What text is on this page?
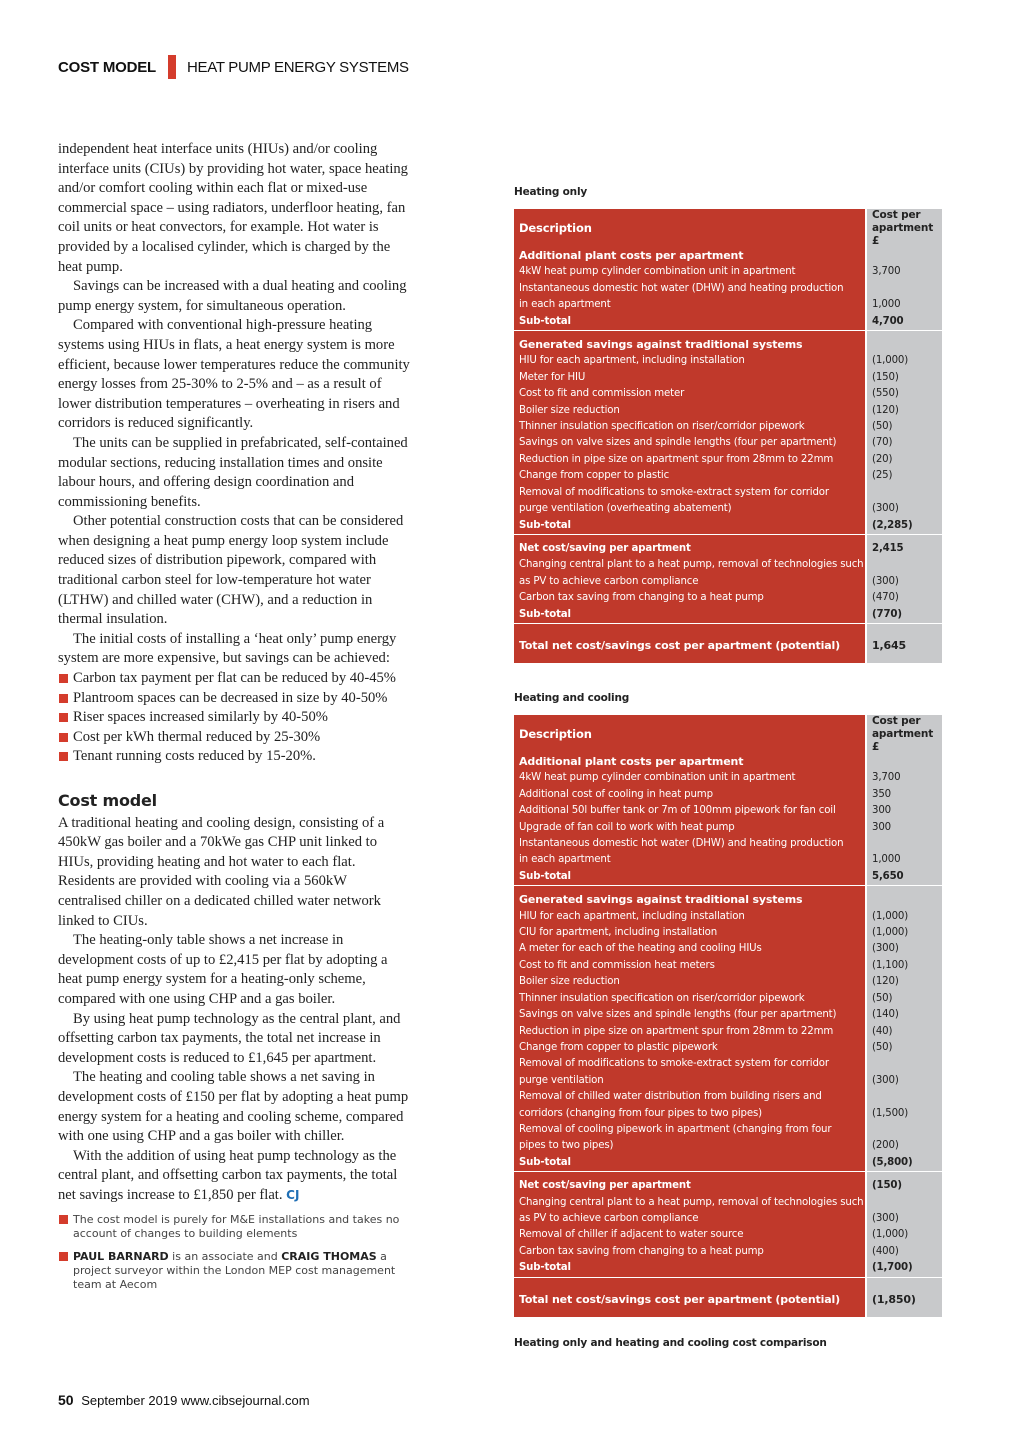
COST MODEL HEAT PUMP ENERGY SYSTEMS

independent heat interface units (HIUs) and/or cooling interface units (CIUs) by providing hot water, space heating and/or comfort cooling within each flat or mixed-use commercial space – using radiators, underfloor heating, fan coil units or heat convectors, for example. Hot water is provided by a localised cylinder, which is charged by the heat pump.

Savings can be increased with a dual heating and cooling pump energy system, for simultaneous operation.

Compared with conventional high-pressure heating systems using HIUs in flats, a heat energy system is more efficient, because lower temperatures reduce the community energy losses from 25-30% to 2-5% and – as a result of lower distribution temperatures – overheating in risers and corridors is reduced significantly.

The units can be supplied in prefabricated, self-contained modular sections, reducing installation times and onsite labour hours, and offering design coordination and commissioning benefits.

Other potential construction costs that can be considered when designing a heat pump energy loop system include reduced sizes of distribution pipework, compared with traditional carbon steel for low-temperature hot water (LTHW) and chilled water (CHW), and a reduction in thermal insulation.

The initial costs of installing a ‘heat only’ pump energy system are more expensive, but savings can be achieved:

Carbon tax payment per flat can be reduced by 40-45%
Plantroom spaces can be decreased in size by 40-50%
Riser spaces increased similarly by 40-50%
Cost per kWh thermal reduced by 25-30%
Tenant running costs reduced by 15-20%.
Cost model

A traditional heating and cooling design, consisting of a 450kW gas boiler and a 70kWe gas CHP unit linked to HIUs, providing heating and hot water to each flat. Residents are provided with cooling via a 560kW centralised chiller on a dedicated chilled water network linked to CIUs.

The heating-only table shows a net increase in development costs of up to £2,415 per flat by adopting a heat pump energy system for a heating-only scheme, compared with one using CHP and a gas boiler.

By using heat pump technology as the central plant, and offsetting carbon tax payments, the total net increase in development costs is reduced to £1,645 per apartment.

The heating and cooling table shows a net saving in development costs of £150 per flat by adopting a heat pump energy system for a heating and cooling scheme, compared with one using CHP and a gas boiler with chiller.

With the addition of using heat pump technology as the central plant, and offsetting carbon tax payments, the total net savings increase to £1,850 per flat. CJ

The cost model is purely for M&E installations and takes no account of changes to building elements
PAUL BARNARD is an associate and CRAIG THOMAS a project surveyor within the London MEP cost management team at Aecom
Heating only
Description	Cost per apartment £
Additional plant costs per apartment	
4kW heat pump cylinder combination unit in apartment	3,700
Instantaneous domestic hot water (DHW) and heating production	
in each apartment	1,000
Sub-total	4,700

Generated savings against traditional systems	
HIU for each apartment, including installation	(1,000)
Meter for HIU	(150)
Cost to fit and commission meter	(550)
Boiler size reduction	(120)
Thinner insulation specification on riser/corridor pipework	(50)
Savings on valve sizes and spindle lengths (four per apartment)	(70)
Reduction in pipe size on apartment spur from 28mm to 22mm	(20)
Change from copper to plastic	(25)
Removal of modifications to smoke-extract system for corridor	
purge ventilation (overheating abatement)	(300)
Sub-total	(2,285)

Net cost/saving per apartment	2,415
Changing central plant to a heat pump, removal of technologies such	
as PV to achieve carbon compliance	(300)
Carbon tax saving from changing to a heat pump	(470)
Sub-total	(770)

Total net cost/savings cost per apartment (potential)	1,645
Heating and cooling
Description	Cost per apartment £
Additional plant costs per apartment	
4kW heat pump cylinder combination unit in apartment	3,700
Additional cost of cooling in heat pump	350
Additional 50l buffer tank or 7m of 100mm pipework for fan coil	300
Upgrade of fan coil to work with heat pump	300
Instantaneous domestic hot water (DHW) and heating production	
in each apartment	1,000
Sub-total	5,650

Generated savings against traditional systems	
HIU for each apartment, including installation	(1,000)
CIU for apartment, including installation	(1,000)
A meter for each of the heating and cooling HIUs	(300)
Cost to fit and commission heat meters	(1,100)
Boiler size reduction	(120)
Thinner insulation specification on riser/corridor pipework	(50)
Savings on valve sizes and spindle lengths (four per apartment)	(140)
Reduction in pipe size on apartment spur from 28mm to 22mm	(40)
Change from copper to plastic pipework	(50)
Removal of modifications to smoke-extract system for corridor	
purge ventilation	(300)
Removal of chilled water distribution from building risers and	
corridors (changing from four pipes to two pipes)	(1,500)
Removal of cooling pipework in apartment (changing from four	
pipes to two pipes)	(200)
Sub-total	(5,800)

Net cost/saving per apartment	(150)
Changing central plant to a heat pump, removal of technologies such	
as PV to achieve carbon compliance	(300)
Removal of chiller if adjacent to water source	(1,000)
Carbon tax saving from changing to a heat pump	(400)
Sub-total	(1,700)

Total net cost/savings cost per apartment (potential)	(1,850)
Heating only and heating and cooling cost comparison
50 September 2019 www.cibsejournal.com
